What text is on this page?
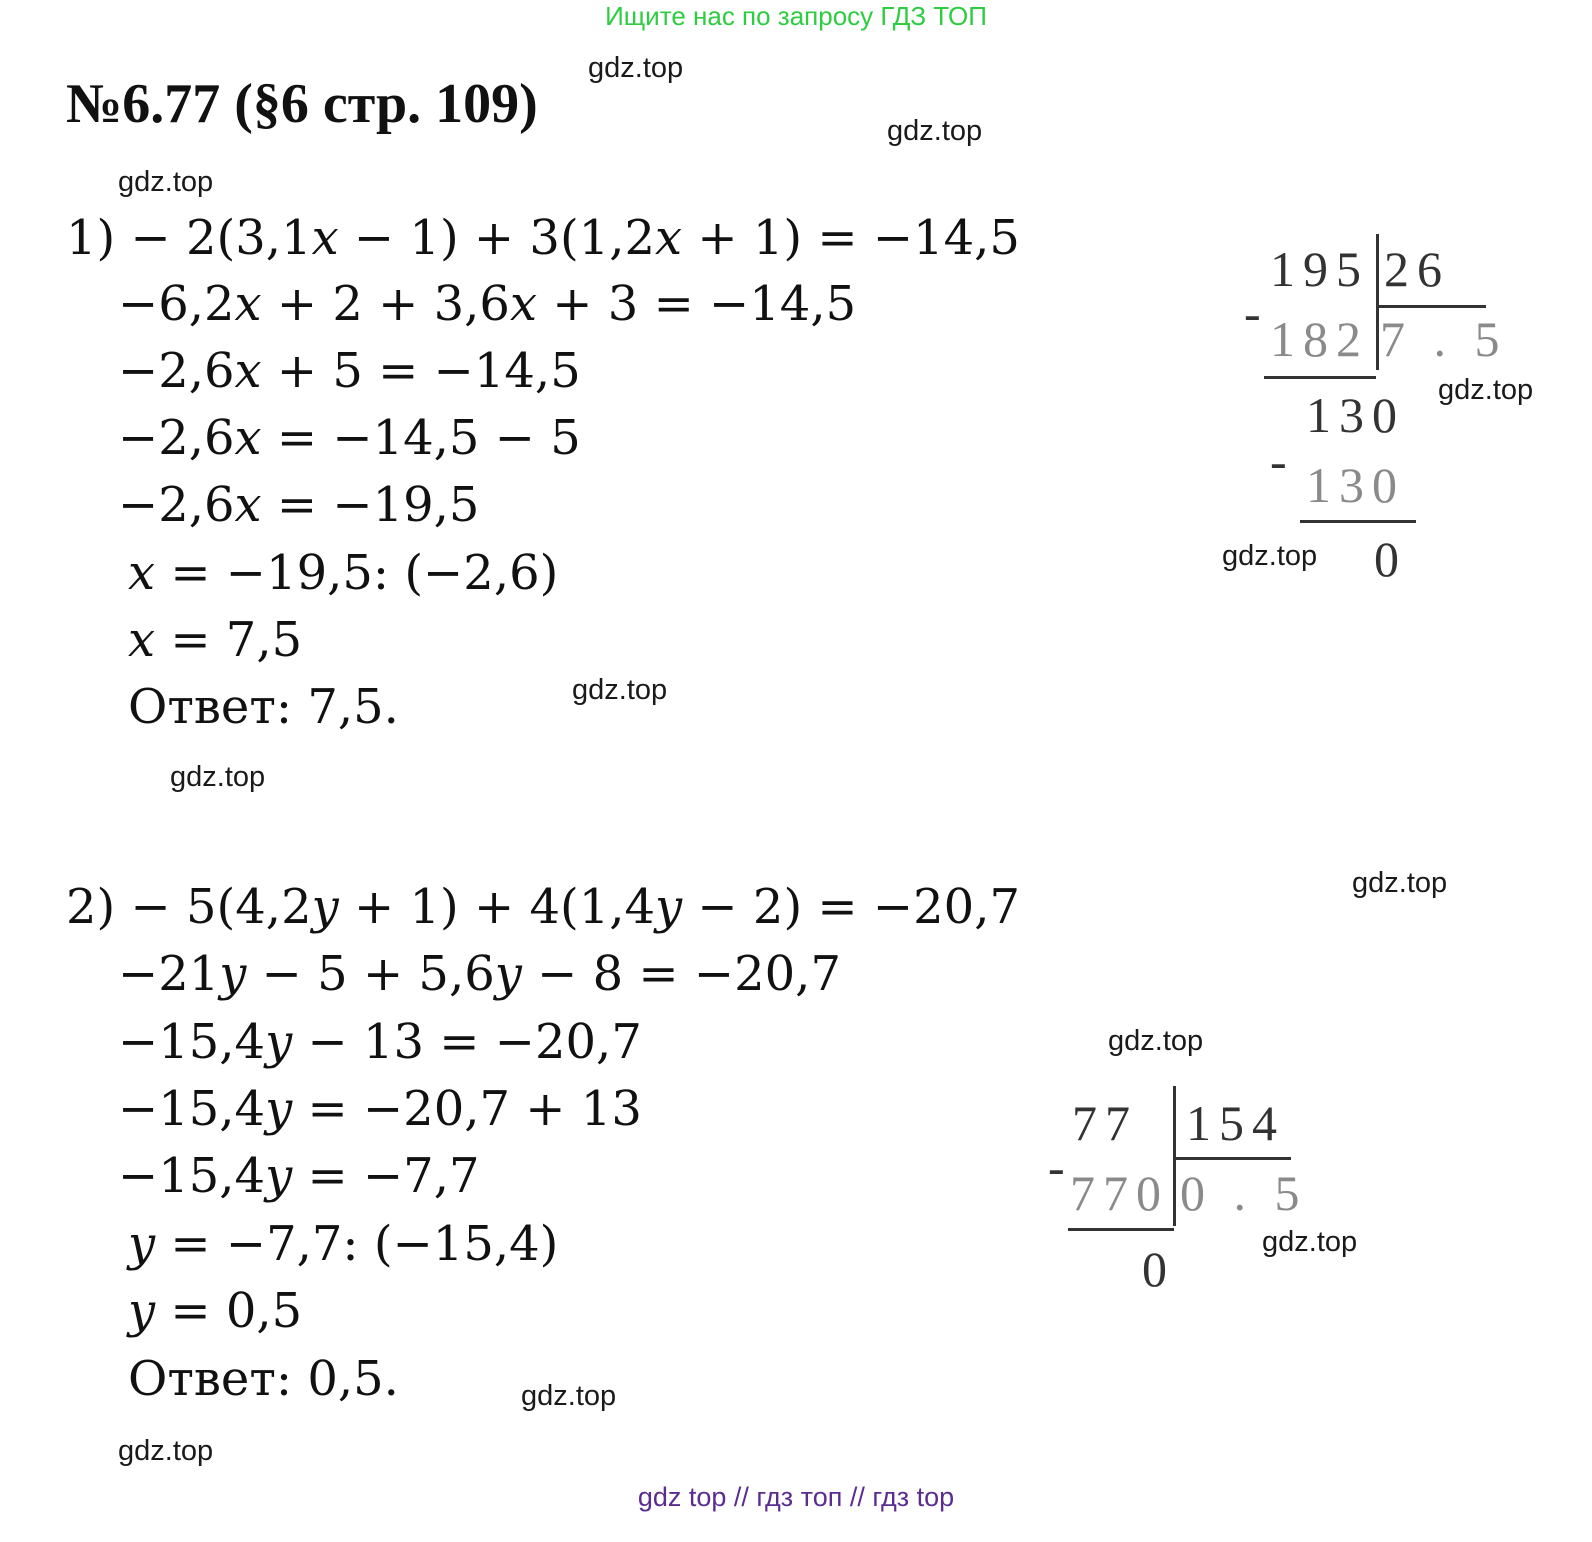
Ищите нас по запросу ГДЗ ТОП
№6.77 (§6 стр. 109)
gdz.top
gdz.top
gdz.top
gdz.top
gdz.top
gdz.top
gdz.top
gdz.top
gdz.top
gdz.top
gdz.top
gdz.top
1) − 2(3,1𝑥 − 1) + 3(1,2𝑥 + 1) = −14,5
−6,2𝑥 + 2 + 3,6𝑥 + 3 = −14,5
−2,6𝑥 + 5 = −14,5
−2,6𝑥 = −14,5 − 5
−2,6𝑥 = −19,5
𝑥 = −19,5: (−2,6)
𝑥 = 7,5
Ответ: 7,5.
195 26
- 182 7 . 5
130
- 130
0
2) − 5(4,2𝑦 + 1) + 4(1,4𝑦 − 2) = −20,7
−21𝑦 − 5 + 5,6𝑦 − 8 = −20,7
−15,4𝑦 − 13 = −20,7
−15,4𝑦 = −20,7 + 13
−15,4𝑦 = −7,7
𝑦 = −7,7: (−15,4)
𝑦 = 0,5
Ответ: 0,5.
77 154
-
770 0 . 5
0
gdz top // гдз топ // гдз top
